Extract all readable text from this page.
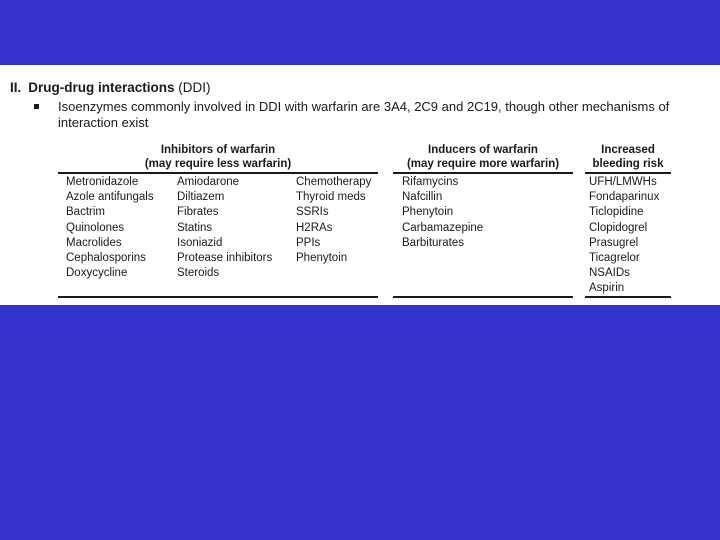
II. Drug-drug interactions (DDI)
Isoenzymes commonly involved in DDI with warfarin are 3A4, 2C9 and 2C19, though other mechanisms of interaction exist
Inhibitors of warfarin
(may require less warfarin)
Inducers of warfarin
(may require more warfarin)
Increased
bleeding risk
Metronidazole
Azole antifungals
Bactrim
Quinolones
Macrolides
Cephalosporins
Doxycycline
Amiodarone
Diltiazem
Fibrates
Statins
Isoniazid
Protease inhibitors
Steroids
Chemotherapy
Thyroid meds
SSRIs
H2RAs
PPIs
Phenytoin
Rifamycins
Nafcillin
Phenytoin
Carbamazepine
Barbiturates
UFH/LMWHs
Fondaparinux
Ticlopidine
Clopidogrel
Prasugrel
Ticagrelor
NSAIDs
Aspirin
